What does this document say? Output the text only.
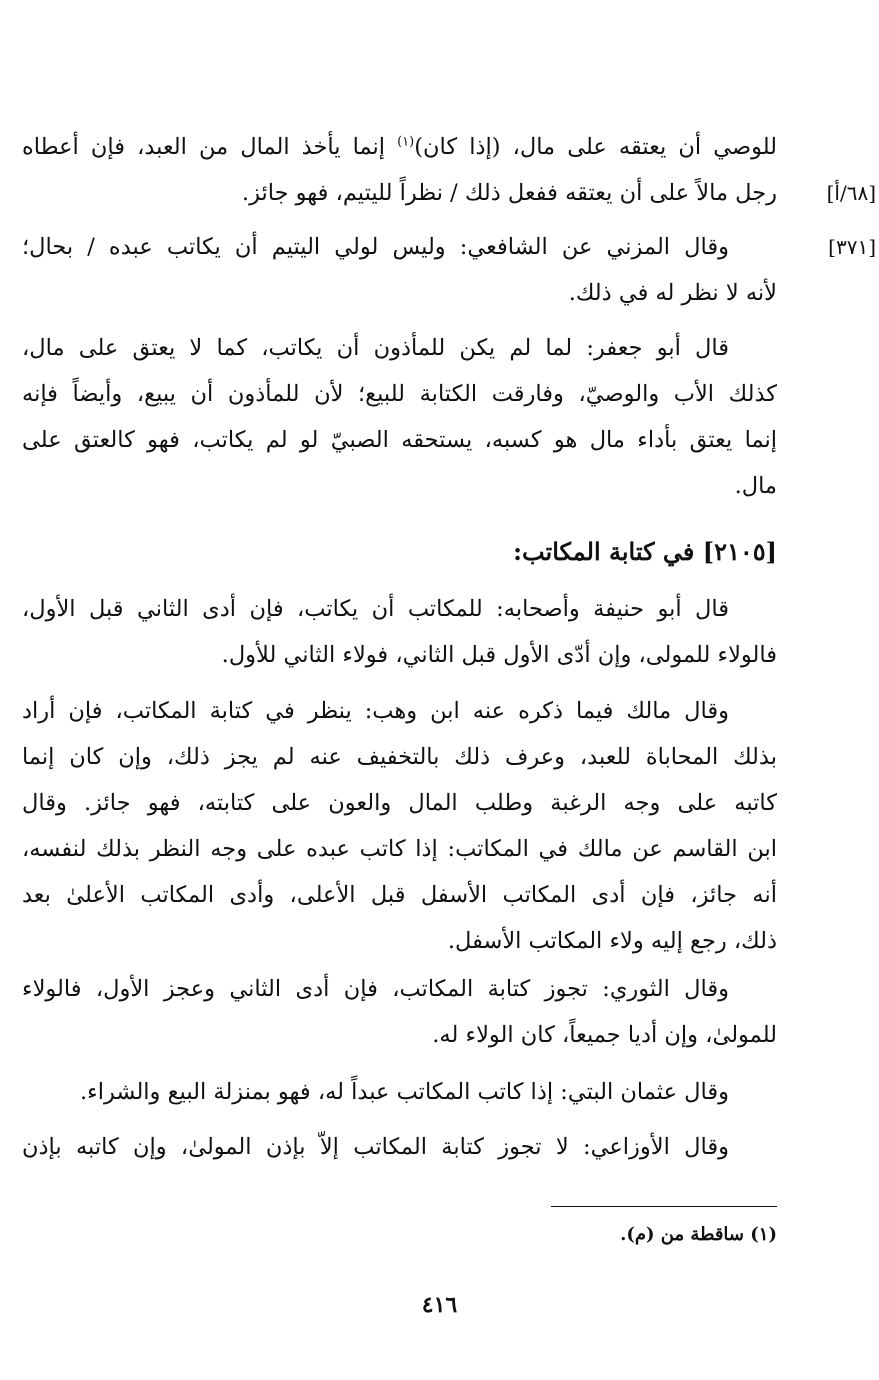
للوصي أن يعتقه على مال، (إذا كان)$^{(١)}$ إنما يأخذ المال من العبد، فإن أعطاه
رجل مالاً على أن يعتقه ففعل ذلك / نظراً لليتيم، فهو جائز.	[٦٨/أ]
وقال المزني عن الشافعي: وليس لولي اليتيم أن يكاتب عبده / بحال؛
لأنه لا نظر له في ذلك.
[٣٧١]
قال أبو جعفر: لما لم يكن للمأذون أن يكاتب، كما لا يعتق على مال،
كذلك الأب والوصيّ، وفارقت الكتابة للبيع؛ لأن للمأذون أن يبيع، وأيضاً فإنه
إنما يعتق بأداء مال هو كسبه، يستحقه الصبيّ لو لم يكاتب، فهو كالعتق على
مال.
[٢١٠٥] في كتابة المكاتب:
قال أبو حنيفة وأصحابه: للمكاتب أن يكاتب، فإن أدى الثاني قبل الأول،
فالولاء للمولى، وإن أدّى الأول قبل الثاني، فولاء الثاني للأول.
وقال مالك فيما ذكره عنه ابن وهب: ينظر في كتابة المكاتب، فإن أراد
بذلك المحاباة للعبد، وعرف ذلك بالتخفيف عنه لم يجز ذلك، وإن كان إنما
كاتبه على وجه الرغبة وطلب المال والعون على كتابته، فهو جائز. وقال
ابن القاسم عن مالك في المكاتب: إذا كاتب عبده على وجه النظر بذلك لنفسه،
أنه جائز، فإن أدى المكاتب الأسفل قبل الأعلى، وأدى المكاتب الأعلىٰ بعد
ذلك، رجع إليه ولاء المكاتب الأسفل.
وقال الثوري: تجوز كتابة المكاتب، فإن أدى الثاني وعجز الأول، فالولاء
للمولىٰ، وإن أديا جميعاً، كان الولاء له.
وقال عثمان البتي: إذا كاتب المكاتب عبداً له، فهو بمنزلة البيع والشراء.
وقال الأوزاعي: لا تجوز كتابة المكاتب إلاّ بإذن المولىٰ، وإن كاتبه بإذن
(١) ساقطة من (م).
٤١٦
